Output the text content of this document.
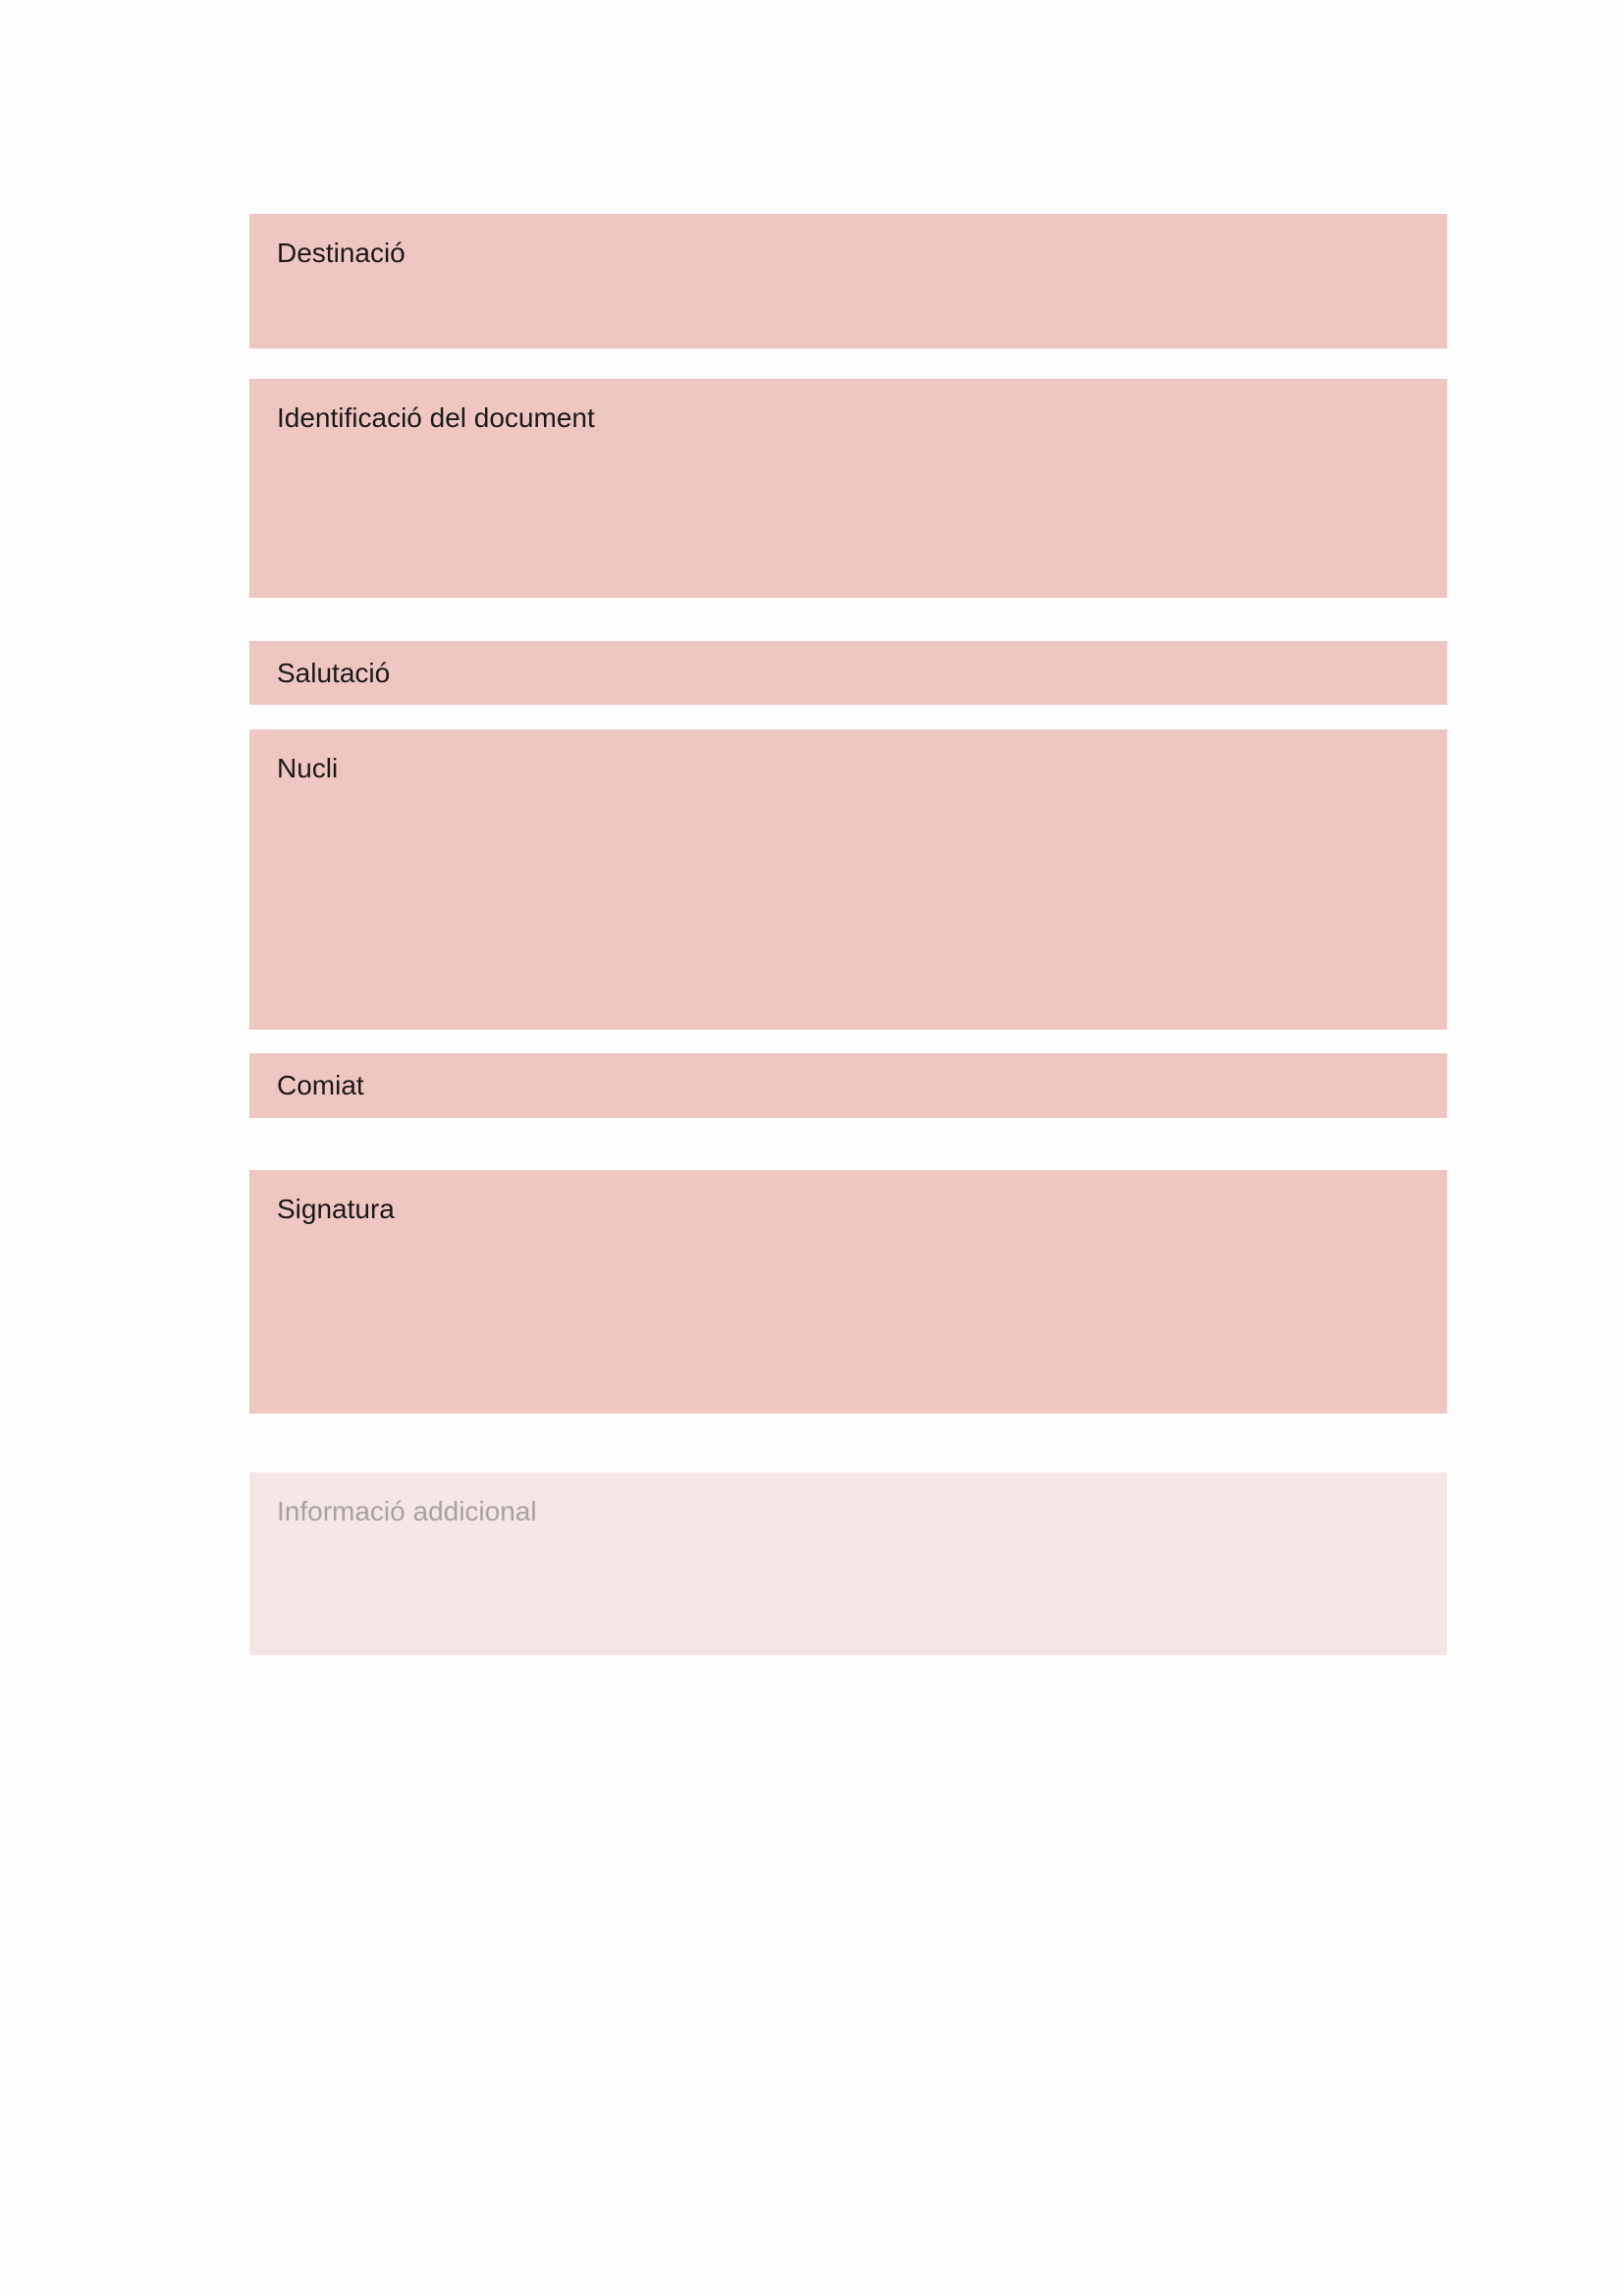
Destinació
Identificació del document
Salutació
Nucli
Comiat
Signatura
Informació addicional
